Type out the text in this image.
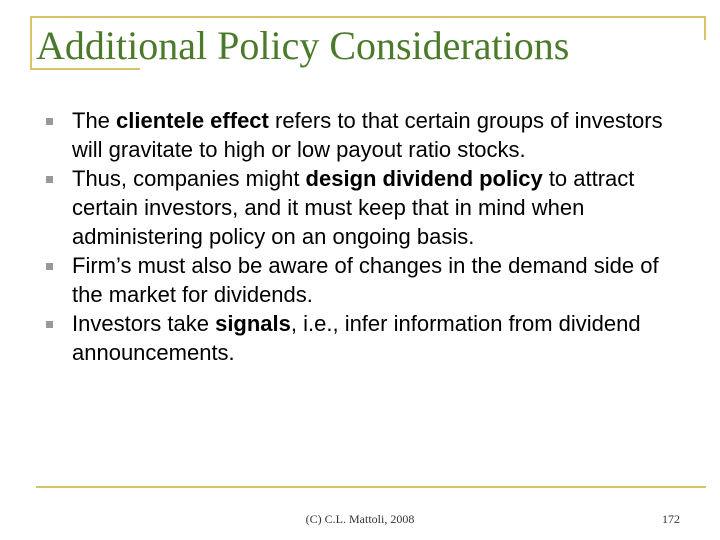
Additional Policy Considerations
The clientele effect refers to that certain groups of investors will gravitate to high or low payout ratio stocks.
Thus, companies might design dividend policy to attract certain investors, and it must keep that in mind when administering policy on an ongoing basis.
Firm’s must also be aware of changes in the demand side of the market for dividends.
Investors take signals, i.e., infer information from dividend announcements.
(C) C.L. Mattoli, 2008	172
